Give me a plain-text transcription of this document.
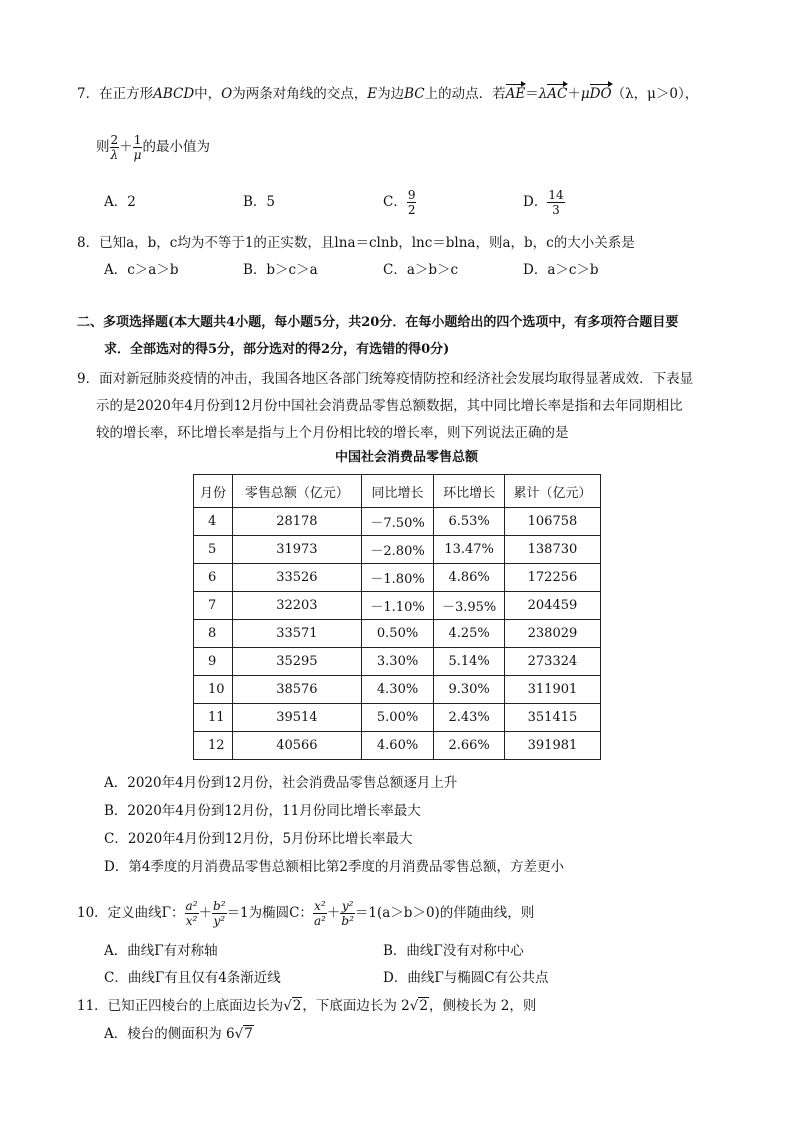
7．在正方形ABCD中，O为两条对角线的交点，E为边BC上的动点．若AE＝λAC＋μDO（λ，μ＞0），
则 $\frac{2}{\lambda} + \frac{1}{\mu}$ 的最小值为
A．2	B．5	C． $\frac{9}{2}$	D． $\frac{14}{3}$
8．已知a，b，c均为不等于1的正实数，且lna＝clnb，lnc＝blna，则a，b，c的大小关系是
A．c＞a＞b	B．b＞c＞a	C．a＞b＞c	D．a＞c＞b
二、多项选择题(本大题共4小题，每小题5分，共20分．在每小题给出的四个选项中，有多项符合题目要
求．全部选对的得5分，部分选对的得2分，有选错的得0分)
9．面对新冠肺炎疫情的冲击，我国各地区各部门统筹疫情防控和经济社会发展均取得显著成效．下表显
示的是2020年4月份到12月份中国社会消费品零售总额数据，其中同比增长率是指和去年同期相比
较的增长率，环比增长率是指与上个月份相比较的增长率，则下列说法正确的是
中国社会消费品零售总额
月份	零售总额（亿元）	同比增长	环比增长	累计（亿元）
4	28178	－7.50%	6.53%	106758
5	31973	－2.80%	13.47%	138730
6	33526	－1.80%	4.86%	172256
7	32203	－1.10%	－3.95%	204459
8	33571	0.50%	4.25%	238029
9	35295	3.30%	5.14%	273324
10	38576	4.30%	9.30%	311901
11	39514	5.00%	2.43%	351415
12	40566	4.60%	2.66%	391981
A．2020年4月份到12月份，社会消费品零售总额逐月上升
B．2020年4月份到12月份，11月份同比增长率最大
C．2020年4月份到12月份，5月份环比增长率最大
D．第4季度的月消费品零售总额相比第2季度的月消费品零售总额，方差更小
10．定义曲线Γ： $\frac{\text{a²}}{\text{x²}} + \frac{\text{b²}}{\text{y²}} =1$为椭圆C： $\frac{\text{x²}}{\text{a²}} + \frac{\text{y²}}{\text{b²}} =1(a>b>0)$的伴随曲线，则
A．曲线Γ有对称轴	B．曲线Γ没有对称中心
C．曲线Γ有且仅有4条渐近线	D．曲线Γ与椭圆C有公共点
11．已知正四棱台的上底面边长为√2，下底面边长为 2√2，侧棱长为 2，则
A．棱台的侧面积为 6√7
